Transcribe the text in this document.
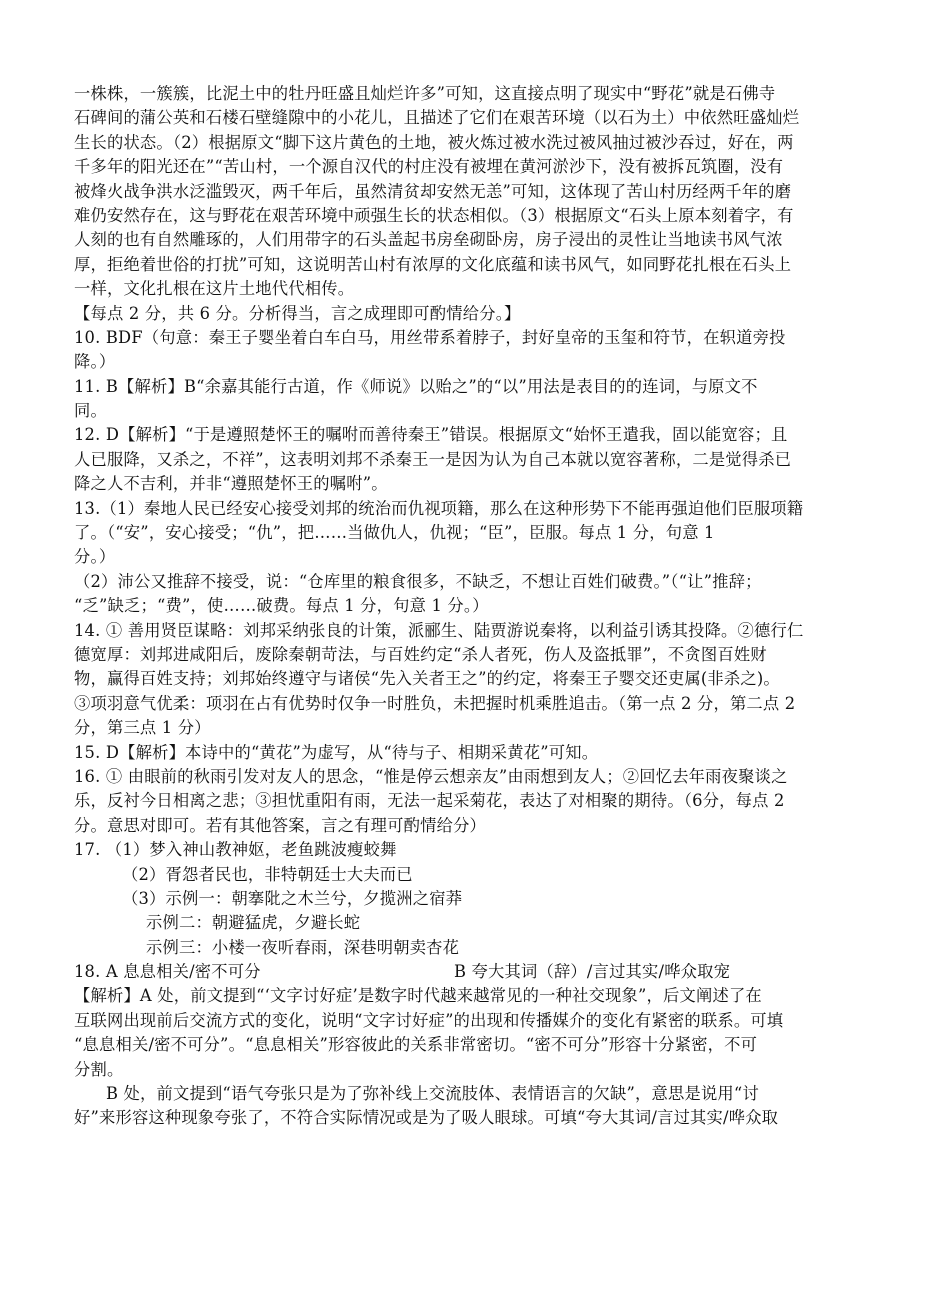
一株株，一簇簇，比泥土中的牡丹旺盛且灿烂许多”可知，这直接点明了现实中“野花”就是石佛寺
石碑间的蒲公英和石楼石壁缝隙中的小花儿，且描述了它们在艰苦环境（以石为土）中依然旺盛灿烂
生长的状态。（2）根据原文“脚下这片黄色的土地，被火炼过被水洗过被风抽过被沙吞过，好在，两
千多年的阳光还在”“苦山村，一个源自汉代的村庄没有被埋在黄河淤沙下，没有被拆瓦筑圈，没有
被烽火战争洪水泛滥毁灭，两千年后，虽然清贫却安然无恙”可知，这体现了苦山村历经两千年的磨
难仍安然存在，这与野花在艰苦环境中顽强生长的状态相似。（3）根据原文“石头上原本刻着字，有
人刻的也有自然雕琢的，人们用带字的石头盖起书房垒砌卧房，房子浸出的灵性让当地读书风气浓
厚，拒绝着世俗的打扰”可知，这说明苦山村有浓厚的文化底蕴和读书风气，如同野花扎根在石头上
一样，文化扎根在这片土地代代相传。
【每点 2 分，共 6 分。分析得当，言之成理即可酌情给分。】
10. BDF（句意：秦王子婴坐着白车白马，用丝带系着脖子，封好皇帝的玉玺和符节，在轵道旁投
降。）
11. B【解析】B“余嘉其能行古道，作《师说》以贻之”的“以”用法是表目的的连词，与原文不
同。
12. D【解析】“于是遵照楚怀王的嘱咐而善待秦王”错误。根据原文“始怀王遣我，固以能宽容；且
人已服降，又杀之，不祥”，这表明刘邦不杀秦王一是因为认为自己本就以宽容著称，二是觉得杀已
降之人不吉利，并非“遵照楚怀王的嘱咐”。
13.（1）秦地人民已经安心接受刘邦的统治而仇视项籍，那么在这种形势下不能再强迫他们臣服项籍
了。（“安”，安心接受；“仇”，把……当做仇人，仇视；“臣”，臣服。每点 1 分，句意 1
分。）
（2）沛公又推辞不接受，说：“仓库里的粮食很多，不缺乏，不想让百姓们破费。”（“让”推辞；
“乏”缺乏；“费”，使……破费。每点 1 分，句意 1 分。）
14. ① 善用贤臣谋略：刘邦采纳张良的计策，派郦生、陆贾游说秦将，以利益引诱其投降。②德行仁
德宽厚：刘邦进咸阳后，废除秦朝苛法，与百姓约定“杀人者死，伤人及盗抵罪”，不贪图百姓财
物，赢得百姓支持；刘邦始终遵守与诸侯“先入关者王之”的约定，将秦王子婴交还吏属(非杀之)。
③项羽意气优柔：项羽在占有优势时仅争一时胜负，未把握时机乘胜追击。（第一点 2 分，第二点 2
分，第三点 1 分）
15. D【解析】本诗中的“黄花”为虚写，从“待与子、相期采黄花”可知。
16. ① 由眼前的秋雨引发对友人的思念，“惟是停云想亲友”由雨想到友人；②回忆去年雨夜聚谈之
乐，反衬今日相离之悲；③担忧重阳有雨，无法一起采菊花，表达了对相聚的期待。（6分，每点 2
分。意思对即可。若有其他答案，言之有理可酌情给分）
17. （1）梦入神山教神妪，老鱼跳波瘦蛟舞
（2）胥怨者民也，非特朝廷士大夫而已
（3）示例一：朝搴阰之木兰兮，夕揽洲之宿莽
示例二：朝避猛虎，夕避长蛇
示例三：小楼一夜听春雨，深巷明朝卖杏花
18. A 息息相关/密不可分	B 夸大其词（辞）/言过其实/哗众取宠
【解析】A 处，前文提到“‘文字讨好症’是数字时代越来越常见的一种社交现象”，后文阐述了在
互联网出现前后交流方式的变化，说明“文字讨好症”的出现和传播媒介的变化有紧密的联系。可填
“息息相关/密不可分”。“息息相关”形容彼此的关系非常密切。“密不可分”形容十分紧密，不可
分割。
B 处，前文提到“语气夸张只是为了弥补线上交流肢体、表情语言的欠缺”，意思是说用“讨
好”来形容这种现象夸张了，不符合实际情况或是为了吸人眼球。可填“夸大其词/言过其实/哗众取
